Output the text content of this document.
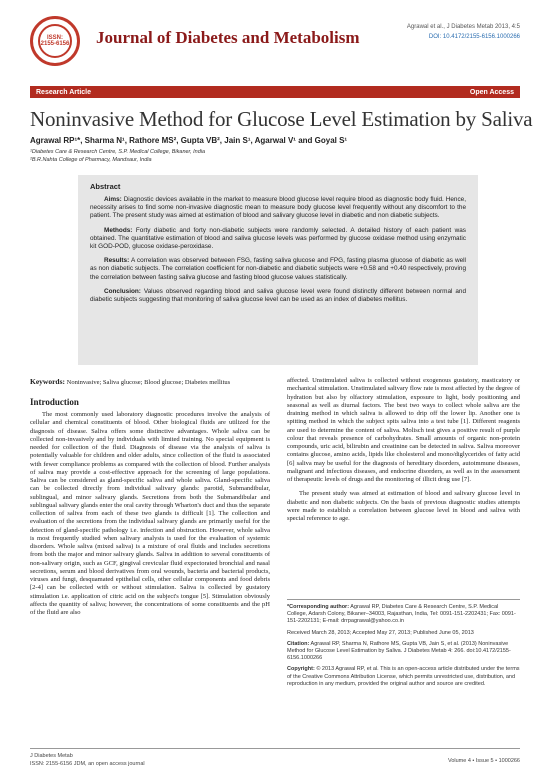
ISSN: 2155-6156 Journal of Diabetes and Metabolism
Agrawal et al., J Diabetes Metab 2013, 4:5
DOI: 10.4172/2155-6156.1000266
Research Article	Open Access
Noninvasive Method for Glucose Level Estimation by Saliva
Agrawal RP¹*, Sharma N¹, Rathore MS², Gupta VB², Jain S¹, Agarwal V¹ and Goyal S¹
¹Diabetes Care & Research Centre, S.P. Medical College, Bikaner, India
²B.R.Nahta College of Pharmacy, Mandsaur, India
Abstract

Aims: Diagnostic devices available in the market to measure blood glucose level require blood as diagnostic body fluid. Hence, necessity arises to find some non-invasive diagnostic mean to measure body glucose level frequently without any discomfort to the patient. The present study was aimed at estimation of blood and salivary glucose level in diabetic and non diabetic subjects.

Methods: Forty diabetic and forty non-diabetic subjects were randomly selected. A detailed history of each patient was obtained. The quantitative estimation of blood and saliva glucose levels was performed by glucose oxidase method using enzymatic kit GOD-POD, glucose oxidase-peroxidase.

Results: A correlation was observed between FSG, fasting saliva glucose and FPG, fasting plasma glucose of diabetic as well as non diabetic subjects. The correlation coefficient for non-diabetic and diabetic subjects were +0.58 and +0.40 respectively, proving the correlation between fasting saliva glucose and fasting blood glucose values statistically.

Conclusion: Values observed regarding blood and saliva glucose level were found distinctly different between normal and diabetic subjects suggesting that monitoring of saliva glucose level can be used as an index of diabetes mellitus.

Keywords: Noninvasive; Saliva glucose; Blood glucose; Diabetes mellitus

Introduction

The most commonly used laboratory diagnostic procedures involve the analysis of cellular and chemical constituents of blood. Other biological fluids are utilized for the diagnosis of disease. Saliva offers some distinctive advantages. Whole saliva can be collected non-invasively and by individuals with limited training. No special equipment is needed for collection of the fluid. Diagnosis of disease via the analysis of saliva is potentially valuable for children and older adults, since collection of the fluid is associated with fewer compliance problems as compared with the collection of blood. Further analysis of saliva may provide a cost-effective approach for the screening of large populations. Saliva can be considered as gland-specific saliva and whole saliva. Gland-specific saliva can be collected directly from individual salivary glands: parotid, Submandibular, sublingual, and minor salivary glands. Secretions from both the Submandibular and sublingual salivary glands enter the oral cavity through Wharton's duct and thus the separate collection of saliva from each of these two glands is difficult [1]. The collection and evaluation of the secretions from the individual salivary glands are primarily useful for the detection of gland-specific pathology i.e. infection and obstruction. However, whole saliva is most frequently studied when salivary analysis is used for the evaluation of systemic disorders. Whole saliva (mixed saliva) is a mixture of oral fluids and includes secretions from both the major and minor salivary glands. Saliva in addition to several constituents of non-salivary origin, such as GCF, gingival crevicular fluid expectorated bronchial and nasal secretions, serum and blood derivatives from oral wounds, bacteria and bacterial products, viruses and fungi, desquamated epithelial cells, other cellular components and food debris [2-4] can be collected with or without stimulation. Saliva is collected by gustatory stimulation i.e. application of citric acid on the subject's tongue [5]. Stimulation obviously affects the quantity of saliva; however, the concentrations of some constituents and the pH of the fluid are also

affected. Unstimulated saliva is collected without exogenous gustatory, masticatory or mechanical stimulation. Unstimulated salivary flow rate is most affected by the degree of hydration but also by olfactory stimulation, exposure to light, body positioning and seasonal as well as diurnal factors. The best two ways to collect whole saliva are the draining method in which saliva is allowed to drip off the lower lip. Another one is spitting method in which the subject spits saliva into a test tube [1]. Different reagents are used to determine the content of saliva. Molisch test gives a positive result of purple colour that reveals presence of carbohydrates. Small amounts of organic non-protein compounds, uric acid, bilirubin and creatinine can be detected in saliva. Saliva moreover contains glucose, amino acids, lipids like cholesterol and mono/diglycerides of fatty acid [6] saliva may be useful for the diagnosis of hereditary disorders, autoimmune diseases, malignant and infectious diseases, and endocrine disorders, as well as in the assessment of therapeutic levels of drugs and the monitoring of illicit drug use [7].

The present study was aimed at estimation of blood and salivary glucose level in diabetic and non diabetic subjects. On the basis of previous diagnostic studies attempts were made to establish a correlation between glucose level in blood and saliva with special reference to age.

*Corresponding author: Agrawal RP, Diabetes Care & Research Centre, S.P. Medical College, Adarsh Colony, Bikaner–34003, Rajasthan, India, Tel: 0091-151-2202431; Fax: 0091-151-2202131; E-mail: drrpagrawal@yahoo.co.in

Received March 28, 2013; Accepted May 27, 2013; Published June 05, 2013

Citation: Agrawal RP, Sharma N, Rathore MS, Gupta VB, Jain S, et al. (2013) Noninvasive Method for Glucose Level Estimation by Saliva. J Diabetes Metab 4: 266. doi:10.4172/2155-6156.1000266

Copyright: © 2013 Agrawal RP, et al. This is an open-access article distributed under the terms of the Creative Commons Attribution License, which permits unrestricted use, distribution, and reproduction in any medium, provided the original author and source are credited.

J Diabetes Metab
ISSN: 2155-6156 JDM, an open access journal	Volume 4 • Issue 5 • 1000266
